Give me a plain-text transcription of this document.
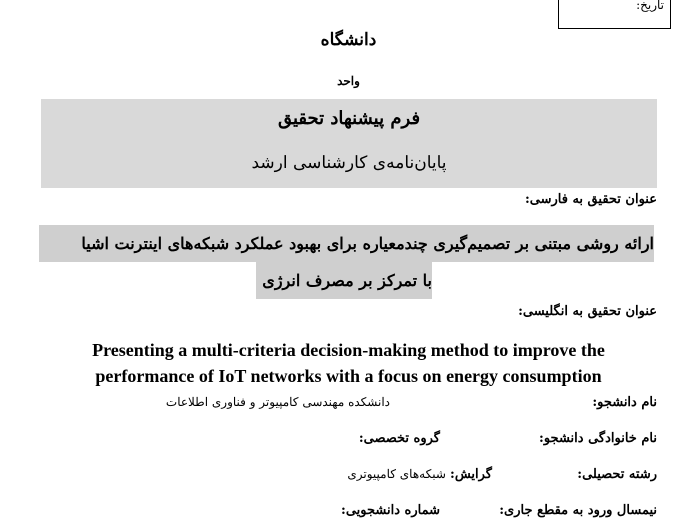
تاریخ:
دانشگاه
واحد
فرم پیشنهاد تحقیق
پایان‌نامه‌ی کارشناسی ارشد
عنوان تحقیق به فارسی:
ارائه روشی مبتنی بر تصمیم‌گیری چندمعیاره برای بهبود عملکرد شبکه‌های اینترنت اشیا
با تمرکز بر مصرف انرژی
عنوان تحقیق به انگلیسی:
Presenting a multi-criteria decision-making method to improve the
performance of IoT networks with a focus on energy consumption
نام دانشجو:
دانشکده مهندسی کامپیوتر و فناوری اطلاعات
نام خانوادگی دانشجو:
گروه تخصصی:
رشته تحصیلی:
گرایش: شبکه‌های کامپیوتری
نیمسال ورود به مقطع جاری:
شماره دانشجویی:
